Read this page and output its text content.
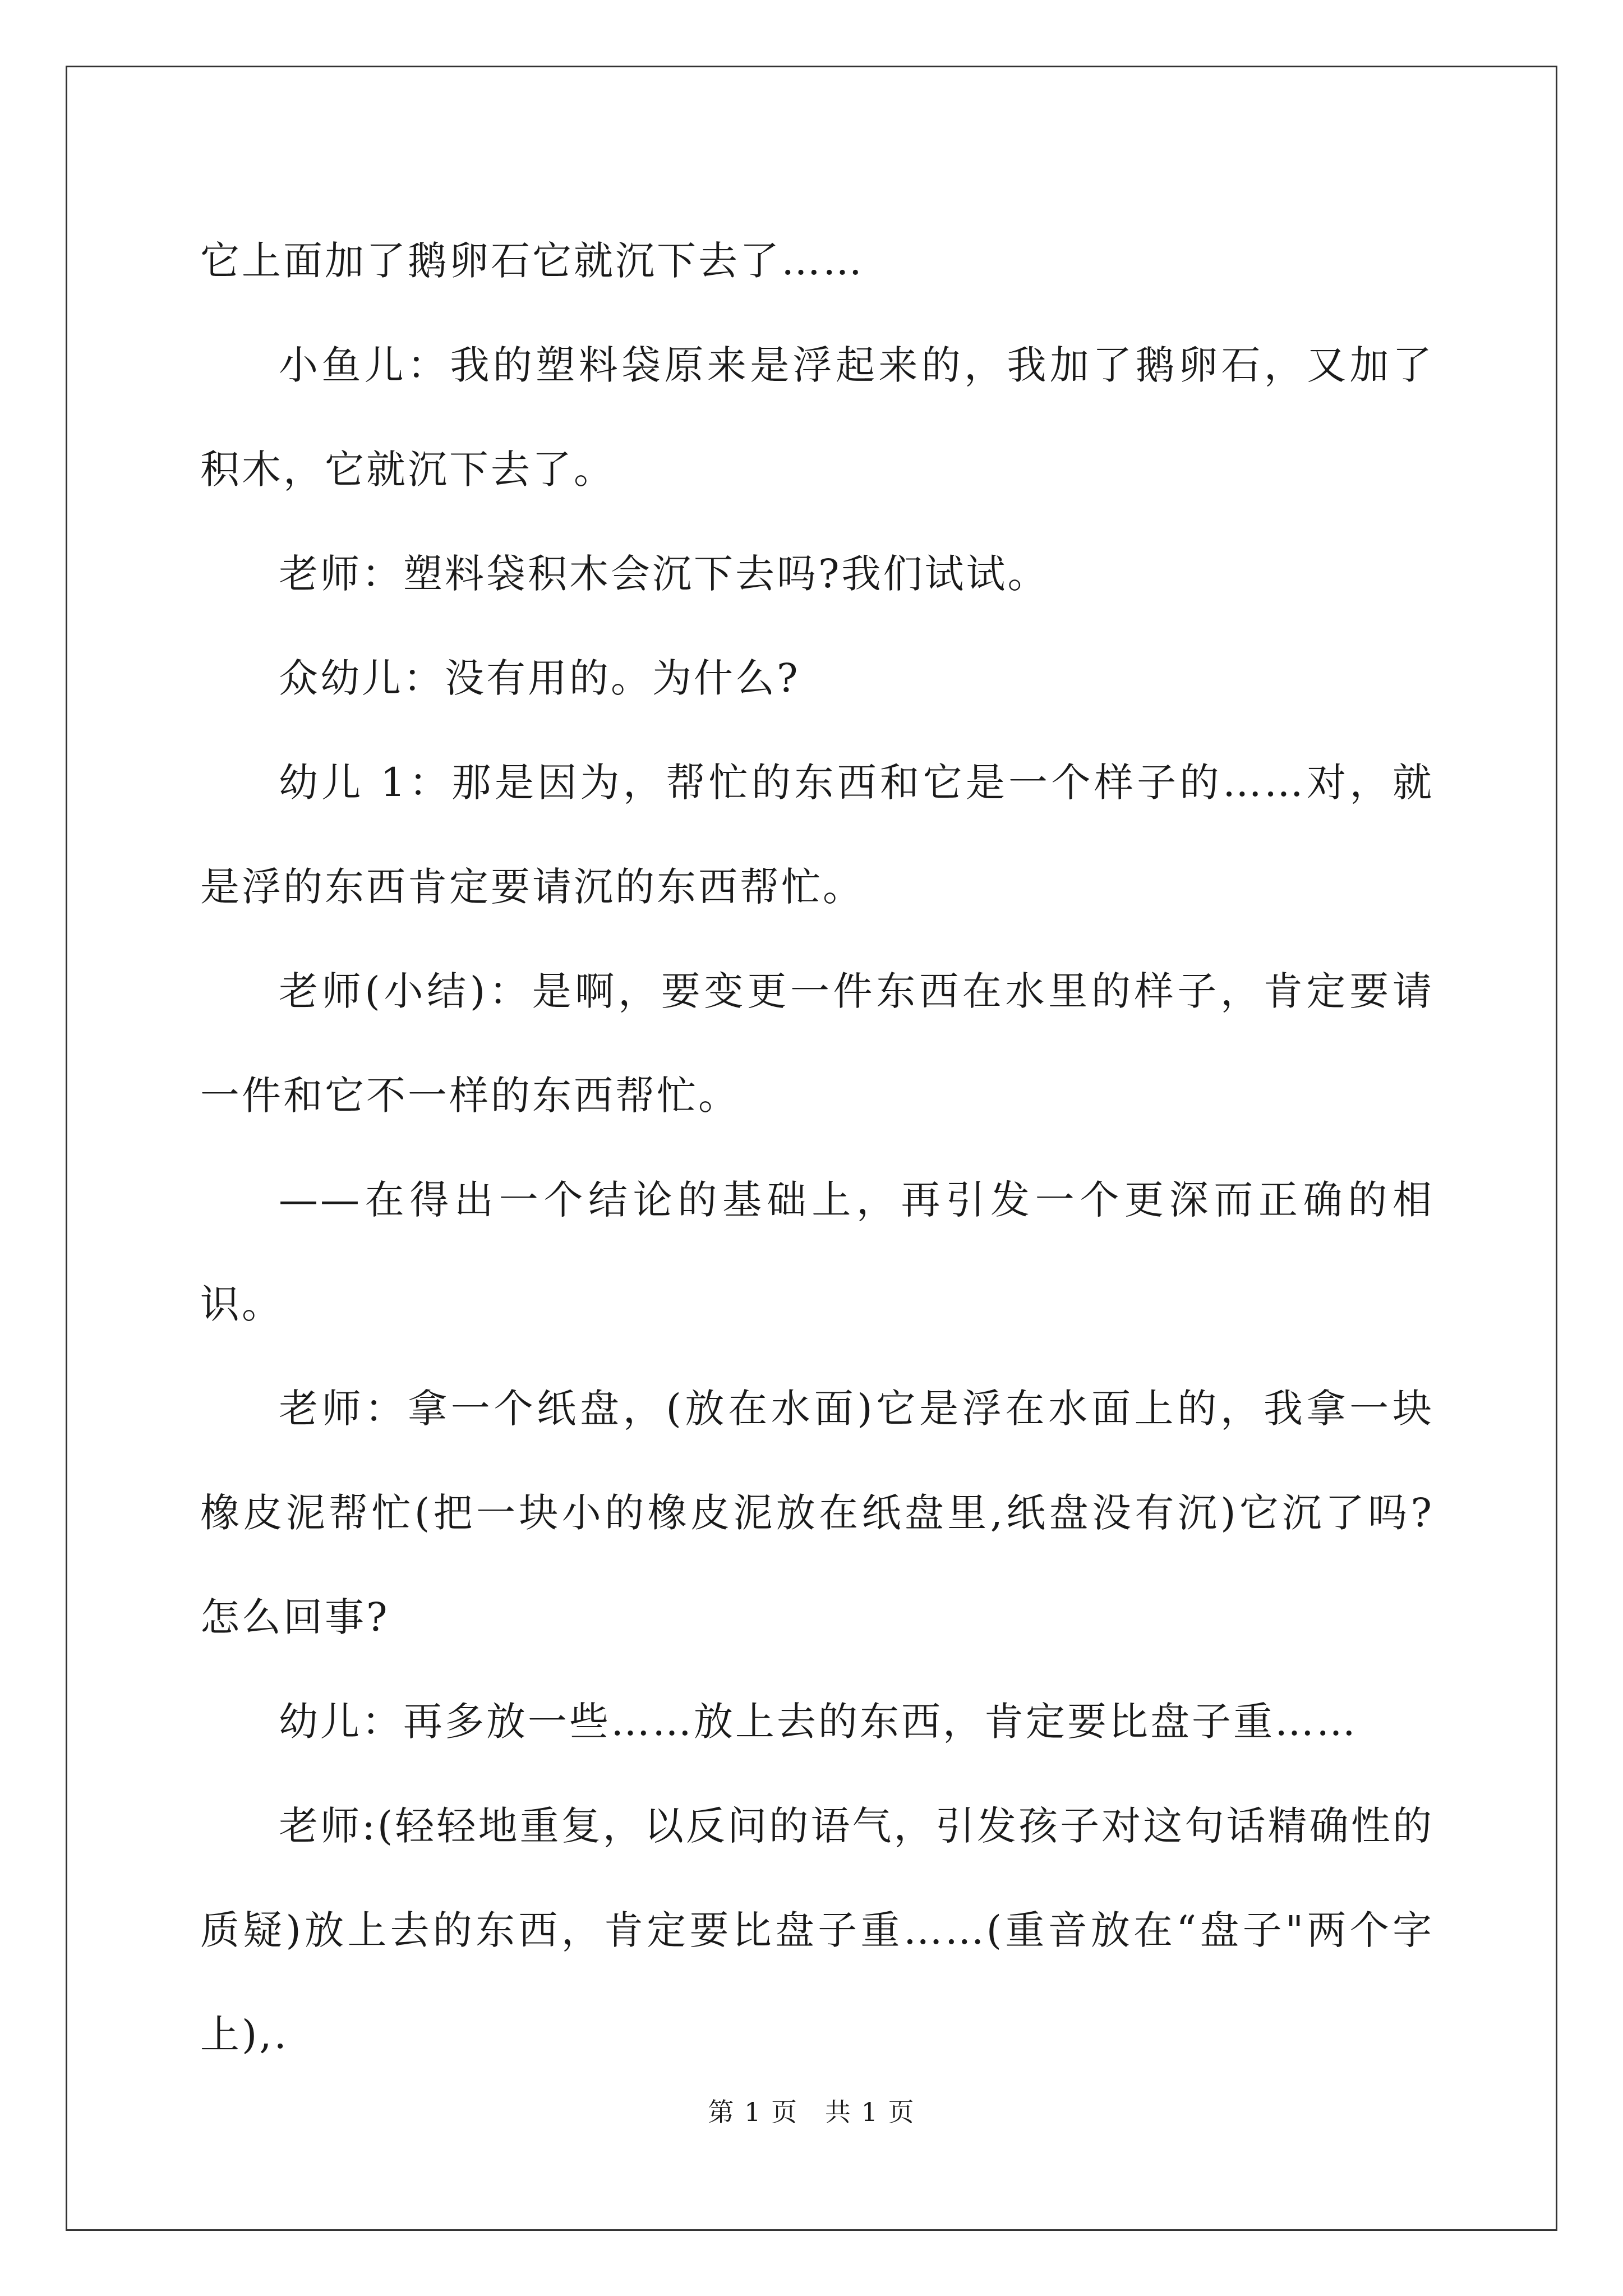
它上面加了鹅卵石它就沉下去了……

小鱼儿：我的塑料袋原来是浮起来的，我加了鹅卵石，又加了积木，它就沉下去了。

老师：塑料袋积木会沉下去吗?我们试试。

众幼儿：没有用的。为什么?

幼儿 1：那是因为，帮忙的东西和它是一个样子的……对，就是浮的东西肯定要请沉的东西帮忙。

老师(小结)：是啊，要变更一件东西在水里的样子，肯定要请一件和它不一样的东西帮忙。

——在得出一个结论的基础上，再引发一个更深而正确的相识。

老师：拿一个纸盘，(放在水面)它是浮在水面上的，我拿一块橡皮泥帮忙(把一块小的橡皮泥放在纸盘里,纸盘没有沉)它沉了吗?怎么回事?

幼儿：再多放一些……放上去的东西，肯定要比盘子重……

老师:(轻轻地重复，以反问的语气，引发孩子对这句话精确性的质疑)放上去的东西，肯定要比盘子重……(重音放在“盘子"两个字上),.

第 1 页 共 1 页
